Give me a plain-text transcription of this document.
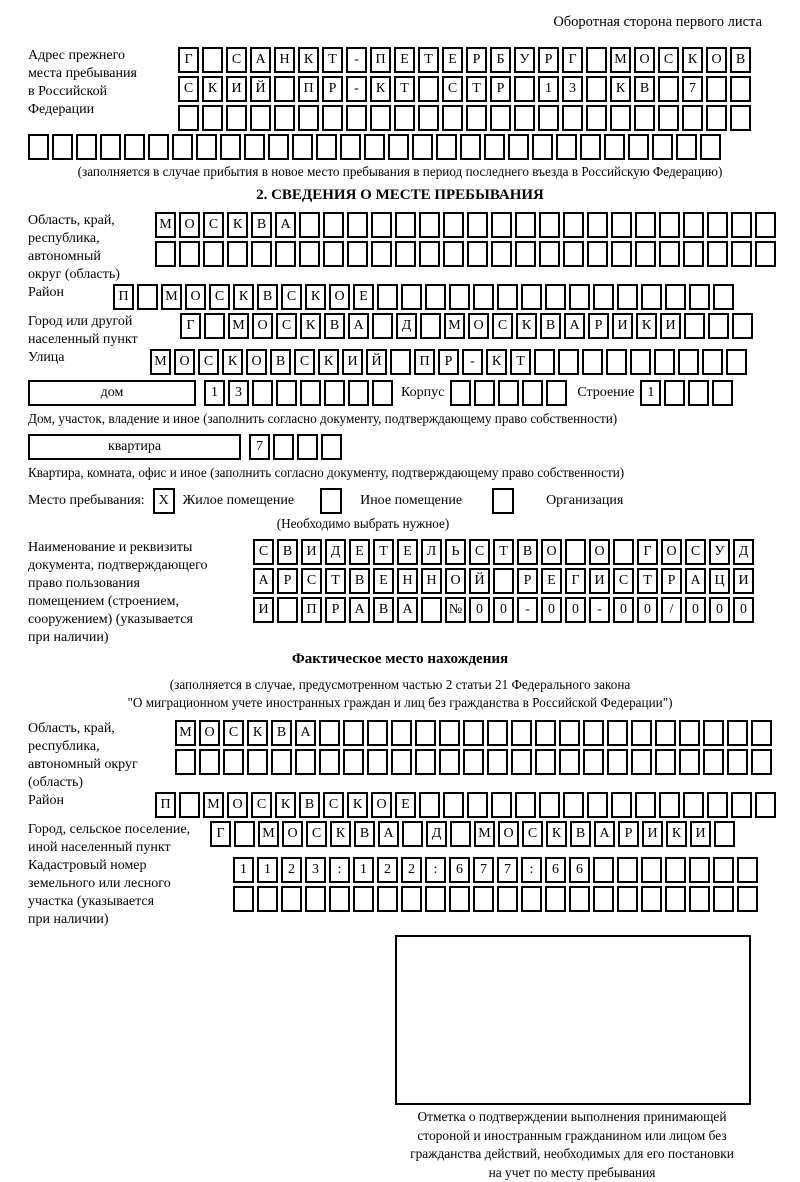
Оборотная сторона первого листа
Адрес прежнего
места пребывания
в Российской
Федерации
Г	С	А Н	К	Т	-	П	Е	Т	Е	Р	Б	У	Р	Г	М О	С	К	О	В
С	К	И Й	П	Р	-	К	Т	С	Т	Р	1	3	К	В	7
(заполняется в случае прибытия в новое место пребывания в период последнего въезда в Российскую Федерацию)
2. СВЕДЕНИЯ О МЕСТЕ ПРЕБЫВАНИЯ
Область, край,
республика,
автономный
округ (область)
М О	С	К	В	А
Район	П	М О	С	К	В	С	К	О	Е
Город или другой
населенный пункт
Г	М О	С	К	В	А	Д	М О	С	К	В	А	Р	И	К	И
Улица	М О	С	К	О	В	С	К	И Й	П	Р	-	К	Т
дом	1	3	Корпус	Строение 1
Дом, участок, владение и иное (заполнить согласно документу, подтверждающему право собственности)
квартира	7
Квартира, комната, офис и иное (заполнить согласно документу, подтверждающему право собственности)
Место пребывания: X Жилое помещение	Иное помещение	Организация
(Необходимо выбрать нужное)
Наименование и реквизиты
документа, подтверждающего
право пользования
помещением (строением,
сооружением) (указывается
при наличии)
С	В	И	Д	Е	Т	Е	Л	Ь	С	Т	В	О	О	Г	О	С	У	Д
А	Р	С	Т	В	Е	Н Н О Й	Р	Е	Г	И	С	Т	Р	А Ц И
И	П	Р	А	В	А	№ 0	0	-	0	0	-	0	0	/	0	0	0
Фактическое место нахождения
(заполняется в случае, предусмотренном частью 2 статьи 21 Федерального закона
"О миграционном учете иностранных граждан и лиц без гражданства в Российской Федерации")
Область, край,
республика,
автономный округ
(область)
М О	С	К	В	А
Район	П	М О	С	К	В	С	К	О	Е
Город, сельское поселение,
иной населенный пункт
Г	М О	С	К	В	А	Д	М О	С	К	В	А	Р	И	К	И
Кадастровый номер
земельного или лесного
участка (указывается
при наличии)
1	1	2	3	:	1	2	2	:	6	7	7	:	6	6
Отметка о подтверждении выполнения принимающей
стороной и иностранным гражданином или лицом без
гражданства действий, необходимых для его постановки
на учет по месту пребывания
